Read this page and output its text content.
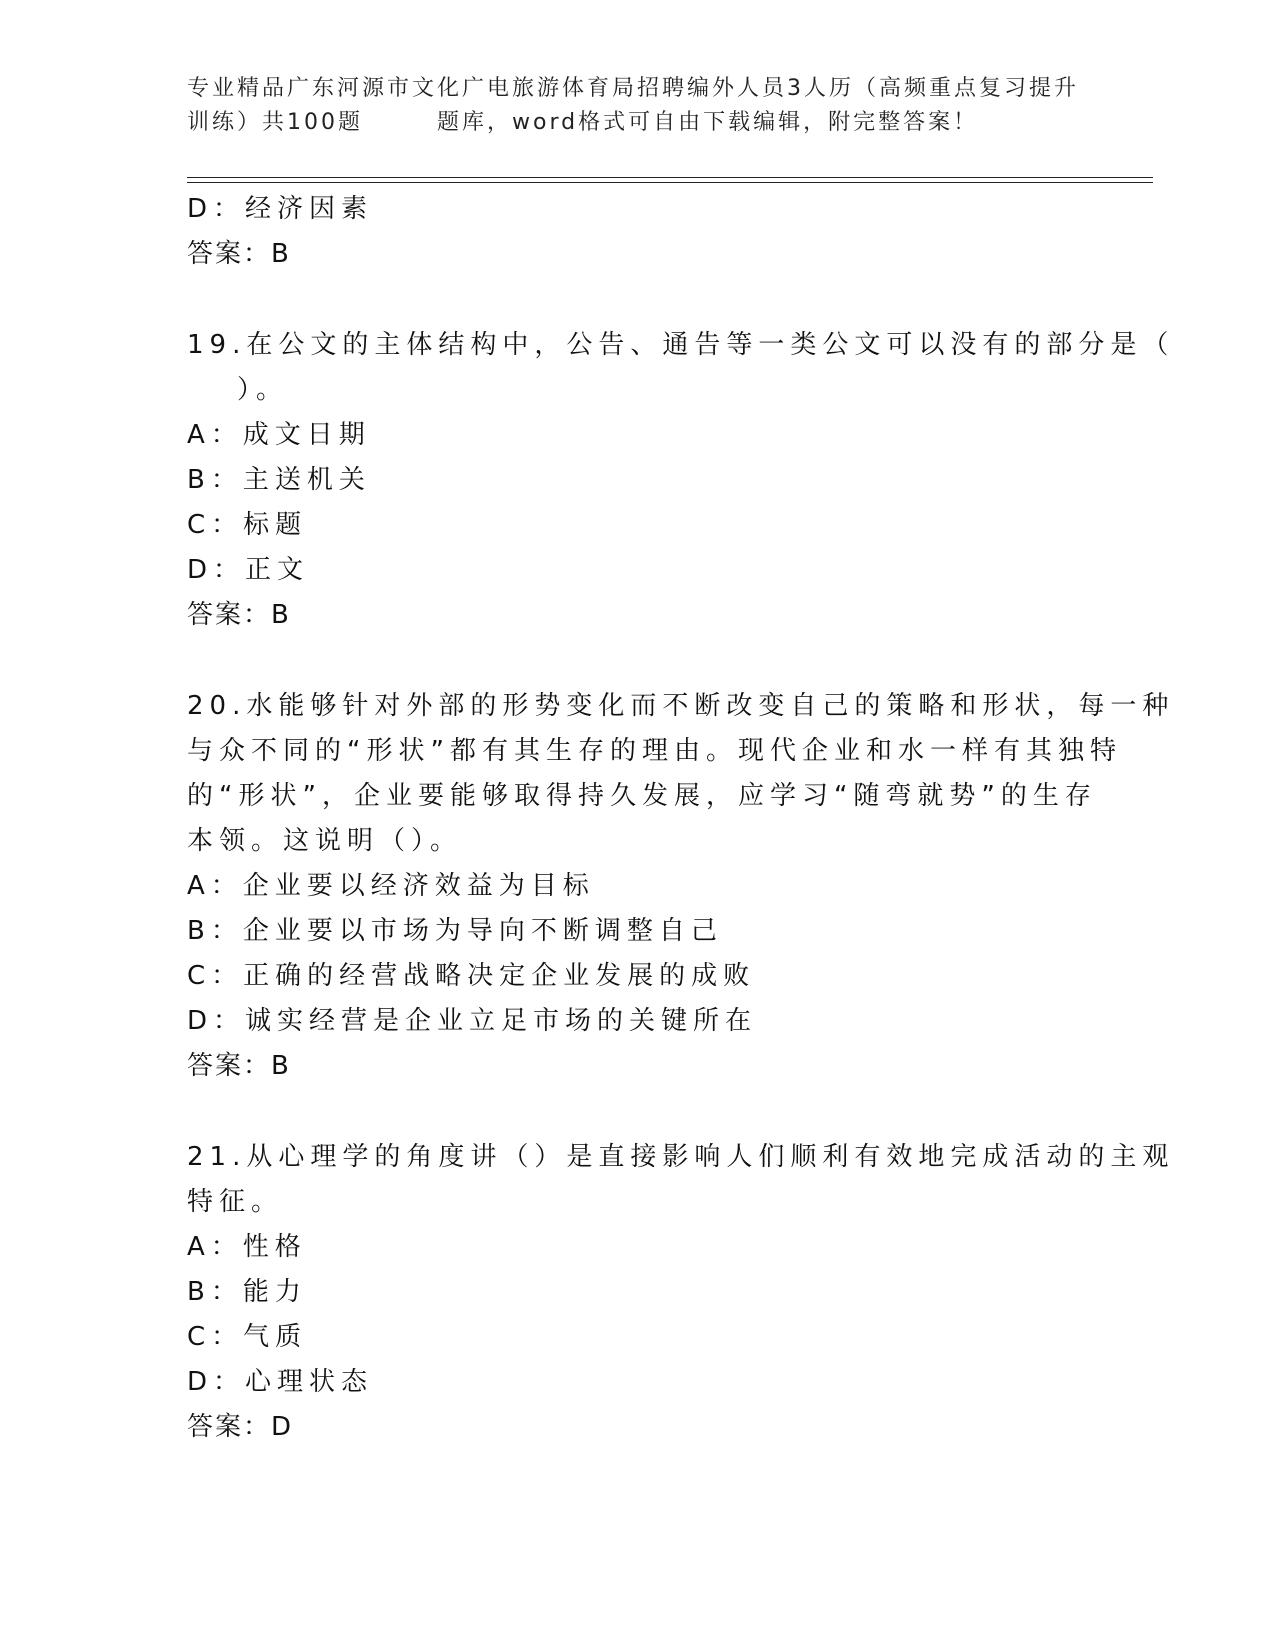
专业精品广东河源市文化广电旅游体育局招聘编外人员3人历（高频重点复习提升
训练）共100题	题库，word格式可自由下载编辑，附完整答案！
D：经济因素
答案：B
19.在公文的主体结构中，公告、通告等一类公文可以没有的部分是（
）。
A：成文日期
B：主送机关
C：标题
D：正文
答案：B
20.水能够针对外部的形势变化而不断改变自己的策略和形状，每一种
与众不同的“形状”都有其生存的理由。现代企业和水一样有其独特
的“形状”，企业要能够取得持久发展，应学习“随弯就势”的生存
本领。这说明（）。
A：企业要以经济效益为目标
B：企业要以市场为导向不断调整自己
C：正确的经营战略决定企业发展的成败
D：诚实经营是企业立足市场的关键所在
答案：B
21.从心理学的角度讲（）是直接影响人们顺利有效地完成活动的主观
特征。
A：性格
B：能力
C：气质
D：心理状态
答案：D
